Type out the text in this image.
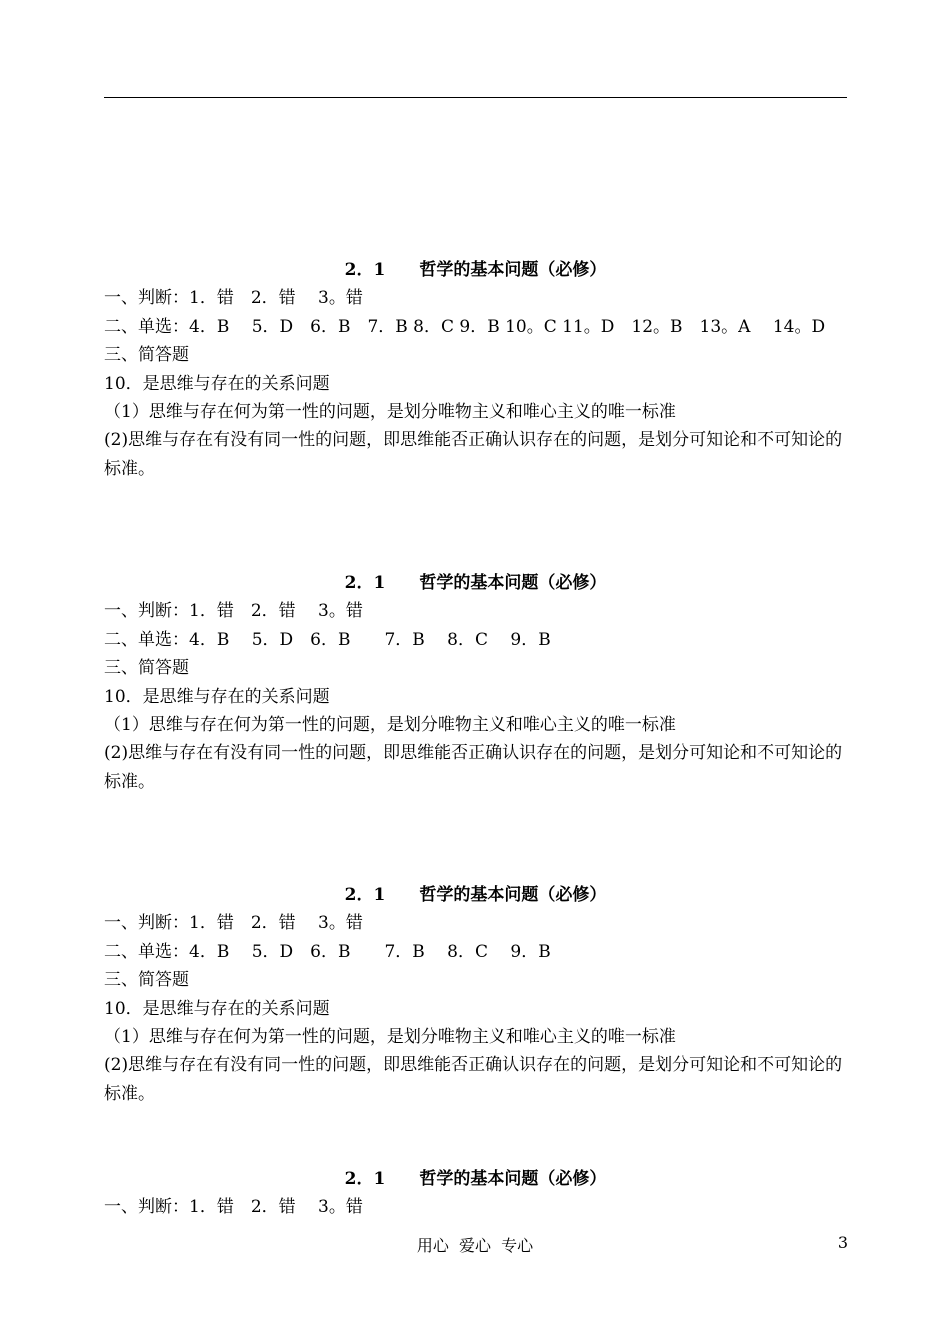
2．1　　哲学的基本问题（必修）
一、判断：1．错　2．错　 3。错
二、单选：4．B　 5．D　6．B　7．B 8．C 9．B 10。C 11。D　12。B　13。A　 14。D
三、简答题
10．是思维与存在的关系问题
（1）思维与存在何为第一性的问题，是划分唯物主义和唯心主义的唯一标准
(2)思维与存在有没有同一性的问题，即思维能否正确认识存在的问题，是划分可知论和不可知论的标准。
2．1　　哲学的基本问题（必修）
一、判断：1．错　2．错　 3。错
二、单选：4．B　 5．D　6．B　　7．B　 8．C　 9．B
三、简答题
10．是思维与存在的关系问题
（1）思维与存在何为第一性的问题，是划分唯物主义和唯心主义的唯一标准
(2)思维与存在有没有同一性的问题，即思维能否正确认识存在的问题，是划分可知论和不可知论的标准。
2．1　　哲学的基本问题（必修）
一、判断：1．错　2．错　 3。错
二、单选：4．B　 5．D　6．B　　7．B　 8．C　 9．B
三、简答题
10．是思维与存在的关系问题
（1）思维与存在何为第一性的问题，是划分唯物主义和唯心主义的唯一标准
(2)思维与存在有没有同一性的问题，即思维能否正确认识存在的问题，是划分可知论和不可知论的标准。
2．1　　哲学的基本问题（必修）
一、判断：1．错　2．错　 3。错
用心  爱心  专心	3
